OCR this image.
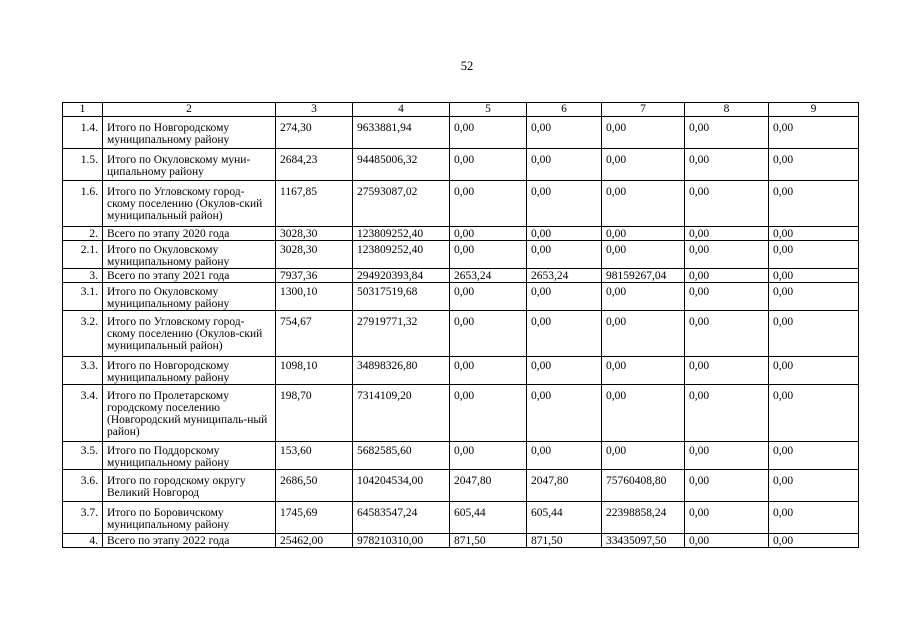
52
1	2	3	4	5	6	7	8	9
1.4.	Итого по Новгородскому муниципальному району	274,30	9633881,94	0,00	0,00	0,00	0,00	0,00
1.5.	Итого по Окуловскому муни-ципальному району	2684,23	94485006,32	0,00	0,00	0,00	0,00	0,00
1.6.	Итого по Угловскому город-скому поселению (Окулов-ский муниципальный район)	1167,85	27593087,02	0,00	0,00	0,00	0,00	0,00
2.	Всего по этапу 2020 года	3028,30	123809252,40	0,00	0,00	0,00	0,00	0,00
2.1.	Итого по Окуловскому муниципальному району	3028,30	123809252,40	0,00	0,00	0,00	0,00	0,00
3.	Всего по этапу 2021 года	7937,36	294920393,84	2653,24	2653,24	98159267,04	0,00	0,00
3.1.	Итого по Окуловскому муниципальному району	1300,10	50317519,68	0,00	0,00	0,00	0,00	0,00
3.2.	Итого по Угловскому город-скому поселению (Окулов-ский муниципальный район)	754,67	27919771,32	0,00	0,00	0,00	0,00	0,00
3.3.	Итого по Новгородскому муниципальному району	1098,10	34898326,80	0,00	0,00	0,00	0,00	0,00
3.4.	Итого по Пролетарскому городскому поселению (Новгородский муниципаль-ный район)	198,70	7314109,20	0,00	0,00	0,00	0,00	0,00
3.5.	Итого по Поддорскому муниципальному району	153,60	5682585,60	0,00	0,00	0,00	0,00	0,00
3.6.	Итого по городскому округу Великий Новгород	2686,50	104204534,00	2047,80	2047,80	75760408,80	0,00	0,00
3.7.	Итого по Боровичскому муниципальному району	1745,69	64583547,24	605,44	605,44	22398858,24	0,00	0,00
4.	Всего по этапу 2022 года	25462,00	978210310,00	871,50	871,50	33435097,50	0,00	0,00
